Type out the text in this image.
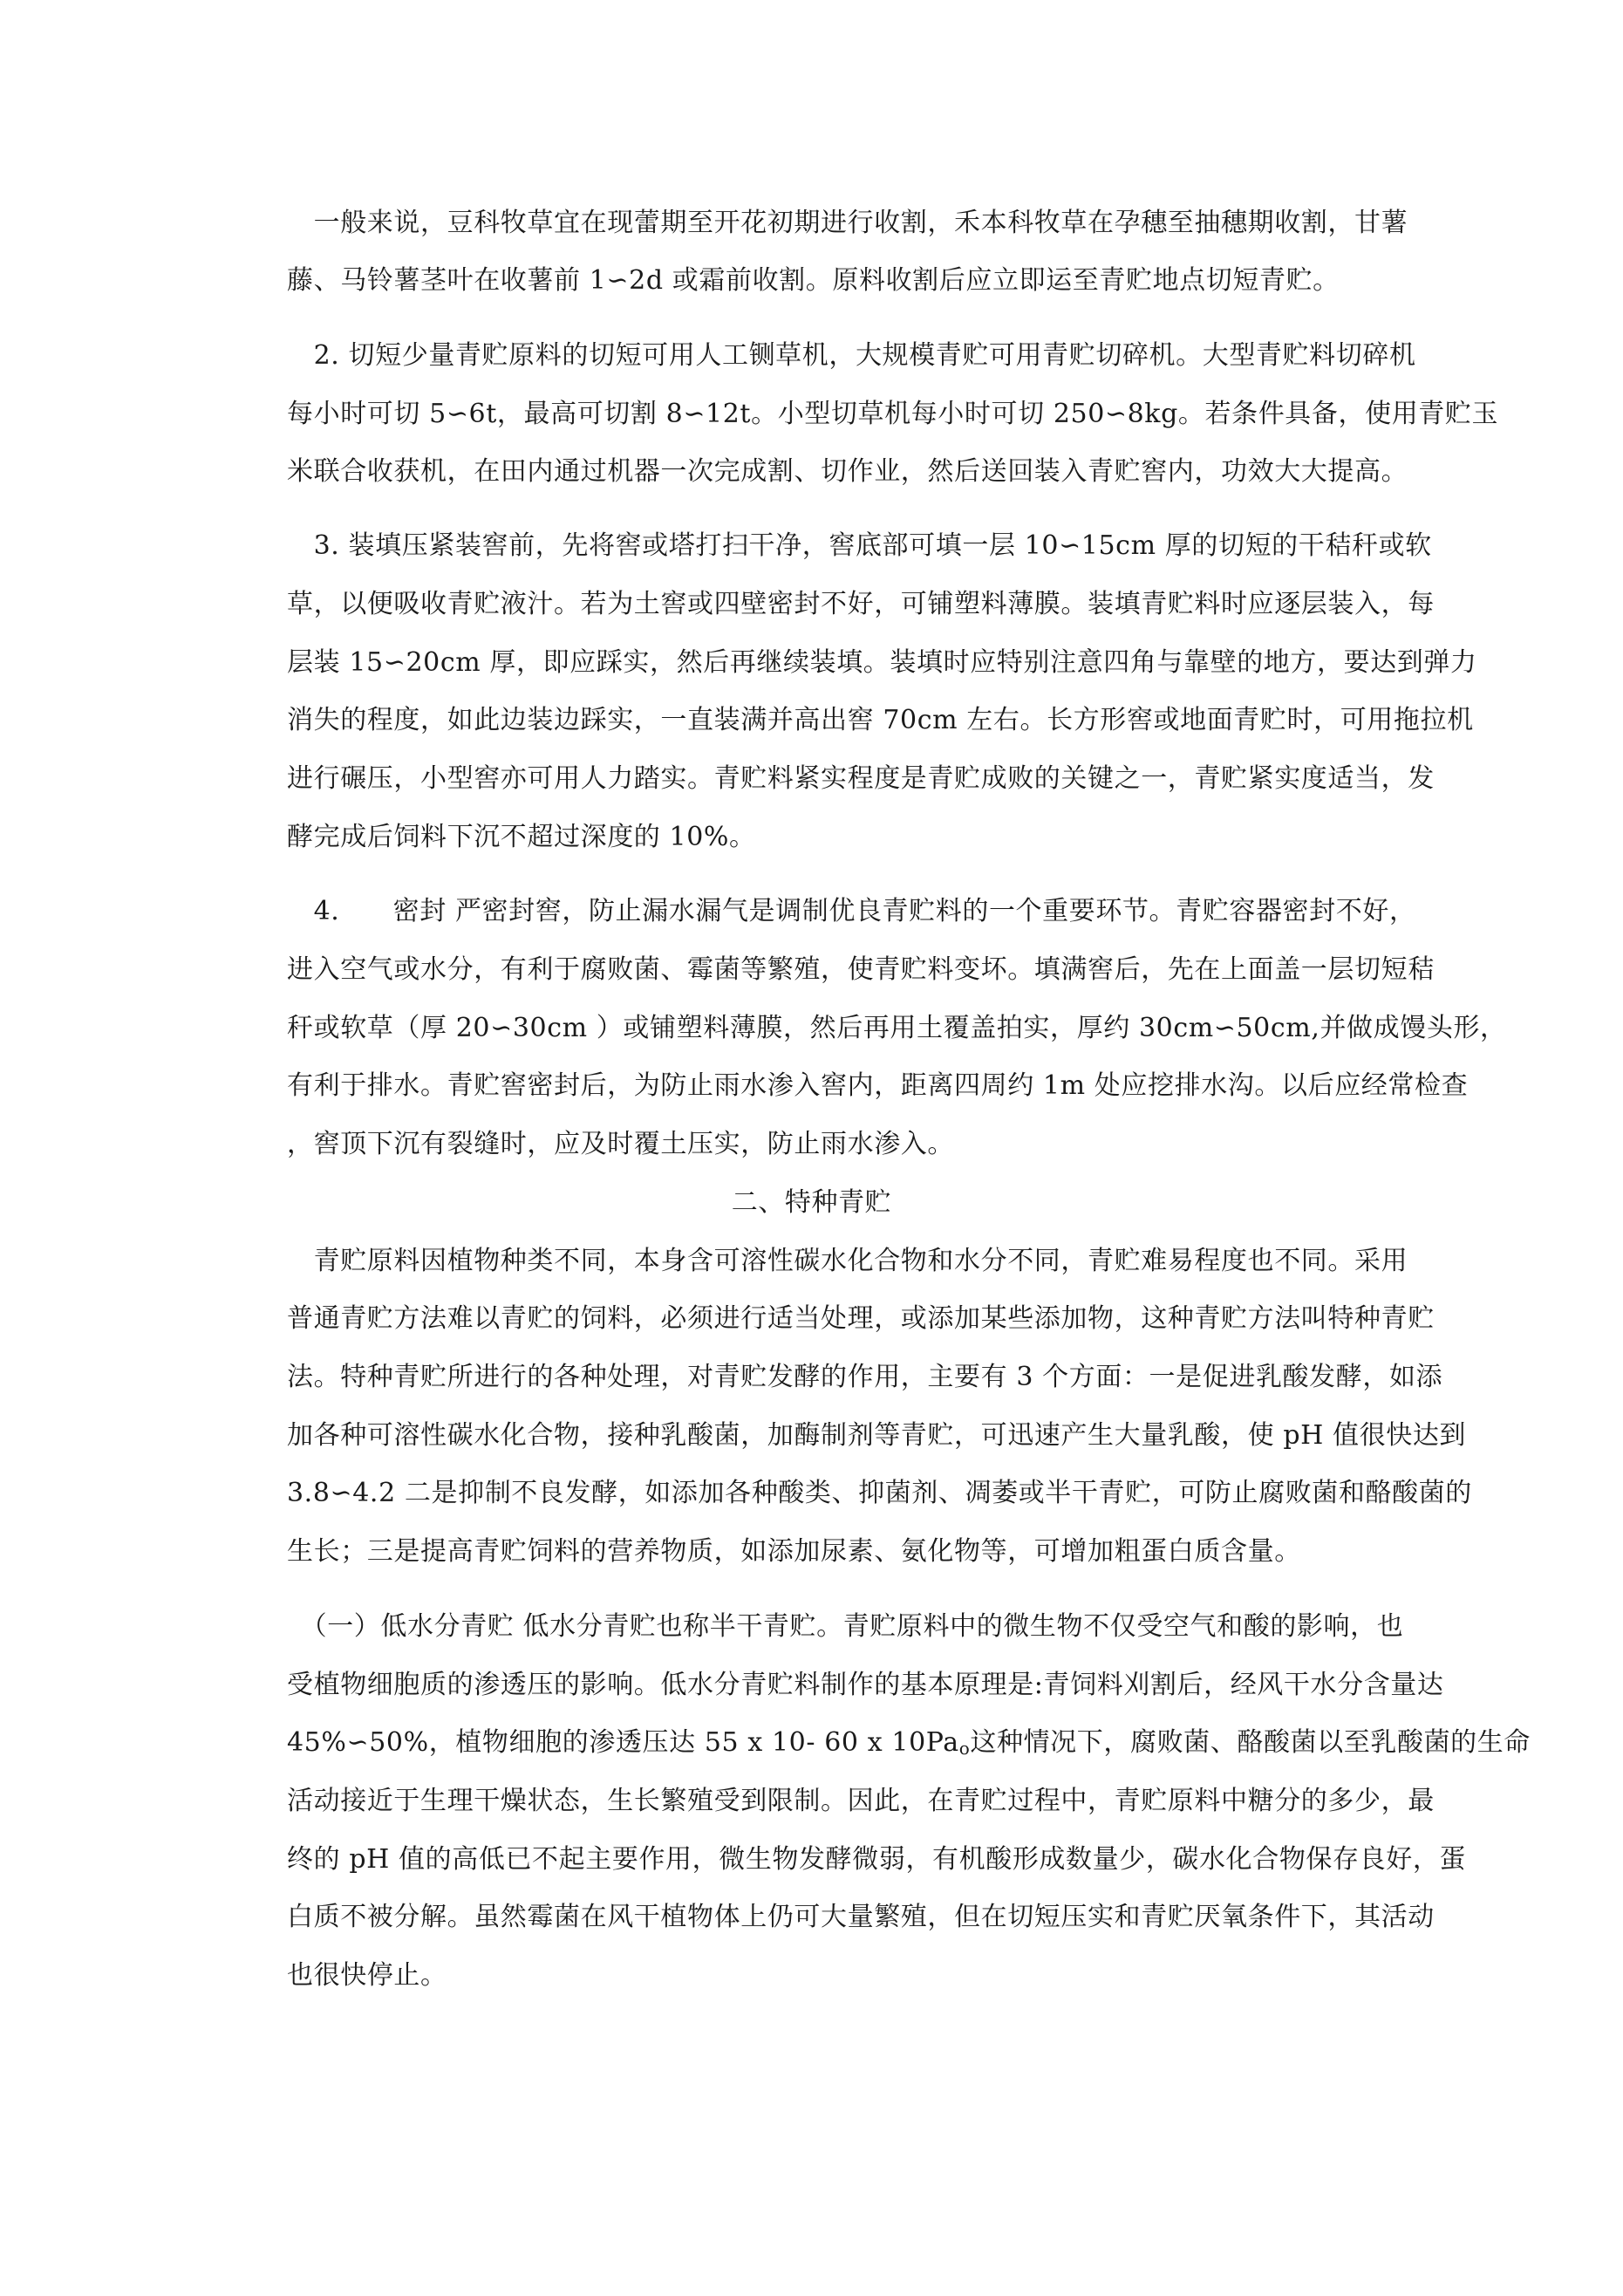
　一般来说，豆科牧草宜在现蕾期至开花初期进行收割，禾本科牧草在孕穗至抽穗期收割，甘薯
藤、马铃薯茎叶在收薯前 1∽2d 或霜前收割。原料收割后应立即运至青贮地点切短青贮。
　2. 切短少量青贮原料的切短可用人工铡草机，大规模青贮可用青贮切碎机。大型青贮料切碎机
每小时可切 5∽6t，最高可切割 8∽12t。小型切草机每小时可切 250∽8kg。若条件具备，使用青贮玉
米联合收获机，在田内通过机器一次完成割、切作业，然后送回装入青贮窖内，功效大大提高。
　3. 装填压紧装窖前，先将窖或塔打扫干净，窖底部可填一层 10∽15cm 厚的切短的干秸秆或软
草，以便吸收青贮液汁。若为土窖或四壁密封不好，可铺塑料薄膜。装填青贮料时应逐层装入，每
层装 15∽20cm 厚，即应踩实，然后再继续装填。装填时应特别注意四角与靠壁的地方，要达到弹力
消失的程度，如此边装边踩实，一直装满并高出窖 70cm 左右。长方形窖或地面青贮时，可用拖拉机
进行碾压，小型窖亦可用人力踏实。青贮料紧实程度是青贮成败的关键之一，青贮紧实度适当，发
酵完成后饲料下沉不超过深度的 10%。
　4.　　密封 严密封窖，防止漏水漏气是调制优良青贮料的一个重要环节。青贮容器密封不好，
进入空气或水分，有利于腐败菌、霉菌等繁殖，使青贮料变坏。填满窖后，先在上面盖一层切短秸
秆或软草（厚 20∽30cm ）或铺塑料薄膜，然后再用土覆盖拍实，厚约 30cm∽50cm,并做成馒头形，
有利于排水。青贮窖密封后，为防止雨水渗入窖内，距离四周约 1m 处应挖排水沟。以后应经常检查
，窖顶下沉有裂缝时，应及时覆土压实，防止雨水渗入。
二、特种青贮
　青贮原料因植物种类不同，本身含可溶性碳水化合物和水分不同，青贮难易程度也不同。采用
普通青贮方法难以青贮的饲料，必须进行适当处理，或添加某些添加物，这种青贮方法叫特种青贮
法。特种青贮所进行的各种处理，对青贮发酵的作用，主要有 3 个方面：一是促进乳酸发酵，如添
加各种可溶性碳水化合物，接种乳酸菌，加酶制剂等青贮，可迅速产生大量乳酸，使 pH 值很快达到
3.8∽4.2 二是抑制不良发酵，如添加各种酸类、抑菌剂、凋萎或半干青贮，可防止腐败菌和酪酸菌的
生长；三是提高青贮饲料的营养物质，如添加尿素、氨化物等，可增加粗蛋白质含量。
　（一）低水分青贮 低水分青贮也称半干青贮。青贮原料中的微生物不仅受空气和酸的影响，也
受植物细胞质的渗透压的影响。低水分青贮料制作的基本原理是:青饲料刈割后，经风干水分含量达
45%∽50%，植物细胞的渗透压达 55 x 10- 60 x $10Pa_o$这种情况下，腐败菌、酪酸菌以至乳酸菌的生命
活动接近于生理干燥状态，生长繁殖受到限制。因此，在青贮过程中，青贮原料中糖分的多少，最
终的 pH 值的高低已不起主要作用，微生物发酵微弱，有机酸形成数量少，碳水化合物保存良好，蛋
白质不被分解。虽然霉菌在风干植物体上仍可大量繁殖，但在切短压实和青贮厌氧条件下，其活动
也很快停止。
